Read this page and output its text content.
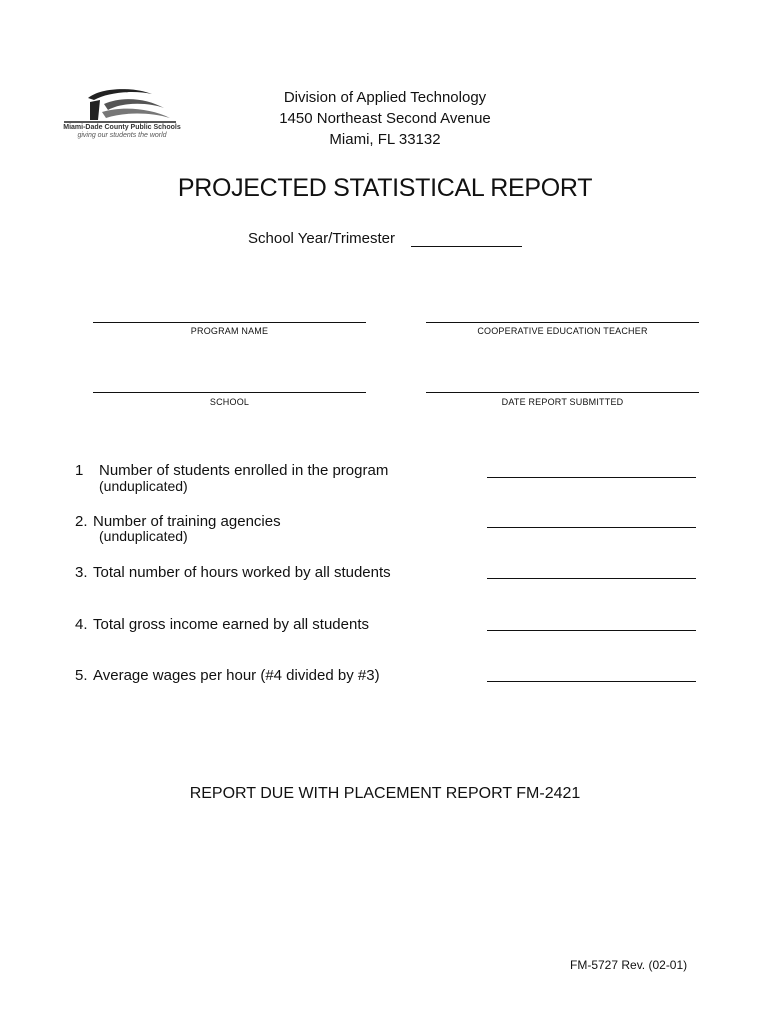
Miami-Dade County Public Schools
giving our students the world
Division of Applied Technology
1450 Northeast Second Avenue
Miami, FL 33132
PROJECTED STATISTICAL REPORT
School Year/Trimester
PROGRAM NAME	COOPERATIVE EDUCATION TEACHER
SCHOOL	DATE REPORT SUBMITTED
1 Number of students enrolled in the program
(unduplicated)
2. Number of training agencies
(unduplicated)
3. Total number of hours worked by all students
4. Total gross income earned by all students
5. Average wages per hour (#4 divided by #3)
REPORT DUE WITH PLACEMENT REPORT FM-2421
FM-5727 Rev. (02-01)
